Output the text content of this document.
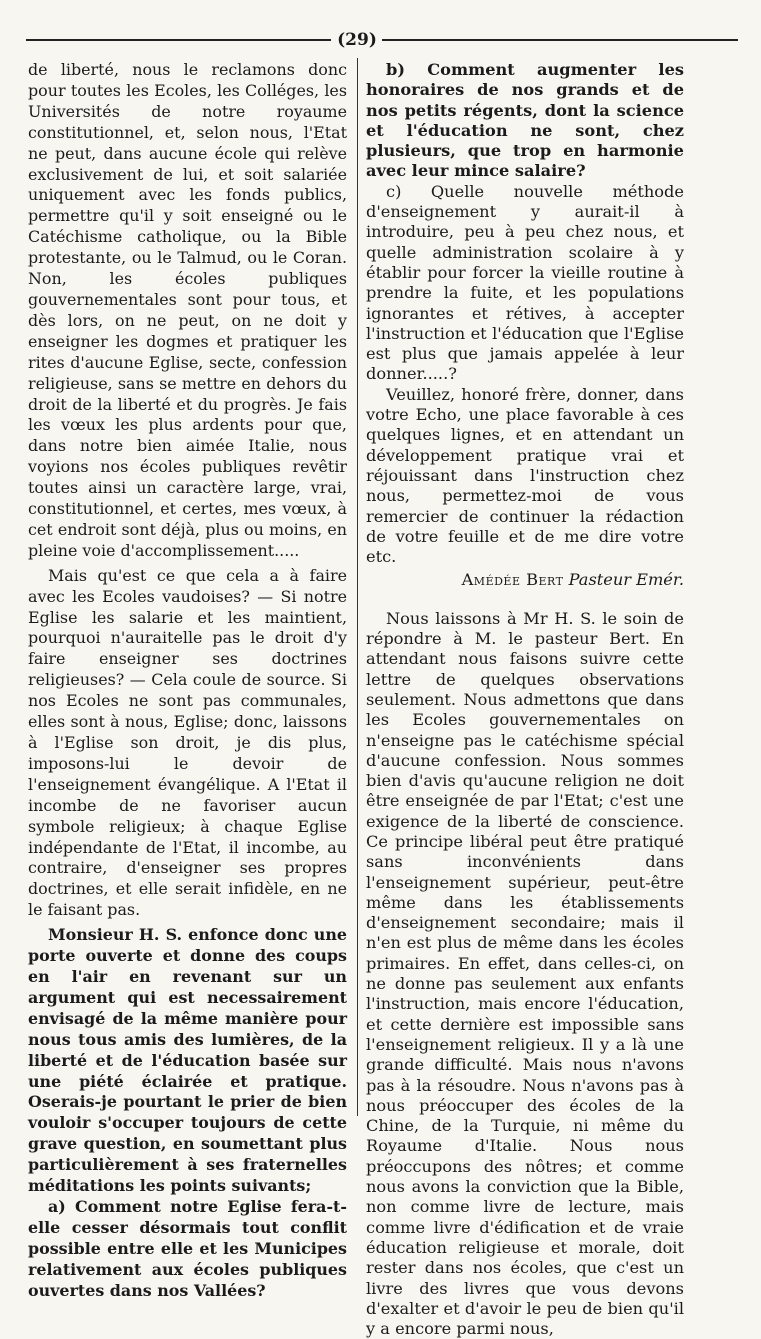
(29)

de liberté, nous le reclamons donc pour toutes les Ecoles, les Colléges, les Universités de notre royaume constitutionnel, et, selon nous, l'Etat ne peut, dans aucune école qui relève exclusivement de lui, et soit salariée uniquement avec les fonds publics, permettre qu'il y soit enseigné ou le Catéchisme catholique, ou la Bible protestante, ou le Talmud, ou le Coran. Non, les écoles publiques gouvernementales sont pour tous, et dès lors, on ne peut, on ne doit y enseigner les dogmes et pratiquer les rites d'aucune Eglise, secte, confession religieuse, sans se mettre en dehors du droit de la liberté et du progrès. Je fais les vœux les plus ardents pour que, dans notre bien aimée Italie, nous voyions nos écoles publiques revêtir toutes ainsi un caractère large, vrai, constitutionnel, et certes, mes vœux, à cet endroit sont déjà, plus ou moins, en pleine voie d'accomplissement.....

Mais qu'est ce que cela a à faire avec les Ecoles vaudoises? — Si notre Eglise les salarie et les maintient, pourquoi n'auraitelle pas le droit d'y faire enseigner ses doctrines religieuses? — Cela coule de source. Si nos Ecoles ne sont pas communales, elles sont à nous, Eglise; donc, laissons à l'Eglise son droit, je dis plus, imposons-lui le devoir de l'enseignement évangélique. A l'Etat il incombe de ne favoriser aucun symbole religieux; à chaque Eglise indépendante de l'Etat, il incombe, au contraire, d'enseigner ses propres doctrines, et elle serait infidèle, en ne le faisant pas.

Monsieur H. S. enfonce donc une porte ouverte et donne des coups en l'air en revenant sur un argument qui est necessairement envisagé de la même manière pour nous tous amis des lumières, de la liberté et de l'éducation basée sur une piété éclairée et pratique. Oserais-je pourtant le prier de bien vouloir s'occuper toujours de cette grave question, en soumettant plus particulièrement à ses fraternelles méditations les points suivants;

a) Comment notre Eglise fera-t-elle cesser désormais tout conflit possible entre elle et les Municipes relativement aux écoles publiques ouvertes dans nos Vallées?

b) Comment augmenter les honoraires de nos grands et de nos petits régents, dont la science et l'éducation ne sont, chez plusieurs, que trop en harmonie avec leur mince salaire?

c) Quelle nouvelle méthode d'enseignement y aurait-il à introduire, peu à peu chez nous, et quelle administration scolaire à y établir pour forcer la vieille routine à prendre la fuite, et les populations ignorantes et rétives, à accepter l'instruction et l'éducation que l'Eglise est plus que jamais appelée à leur donner.....?

Veuillez, honoré frère, donner, dans votre Echo, une place favorable à ces quelques lignes, et en attendant un développement pratique vrai et réjouissant dans l'instruction chez nous, permettez-moi de vous remercier de continuer la rédaction de votre feuille et de me dire votre etc.

Amédée Bert Pasteur Emér.

Nous laissons à Mr H. S. le soin de répondre à M. le pasteur Bert. En attendant nous faisons suivre cette lettre de quelques observations seulement. Nous admettons que dans les Ecoles gouvernementales on n'enseigne pas le catéchisme spécial d'aucune confession. Nous sommes bien d'avis qu'aucune religion ne doit être enseignée de par l'Etat; c'est une exigence de la liberté de conscience. Ce principe libéral peut être pratiqué sans inconvénients dans l'enseignement supérieur, peut-être même dans les établissements d'enseignement secondaire; mais il n'en est plus de même dans les écoles primaires. En effet, dans celles-ci, on ne donne pas seulement aux enfants l'instruction, mais encore l'éducation, et cette dernière est impossible sans l'enseignement religieux. Il y a là une grande difficulté. Mais nous n'avons pas à la résoudre. Nous n'avons pas à nous préoccuper des écoles de la Chine, de la Turquie, ni même du Royaume d'Italie. Nous nous préoccupons des nôtres; et comme nous avons la conviction que la Bible, non comme livre de lecture, mais comme livre d'édification et de vraie éducation religieuse et morale, doit rester dans nos écoles, que c'est un livre des livres que vous devons d'exalter et d'avoir le peu de bien qu'il y a encore parmi nous,
